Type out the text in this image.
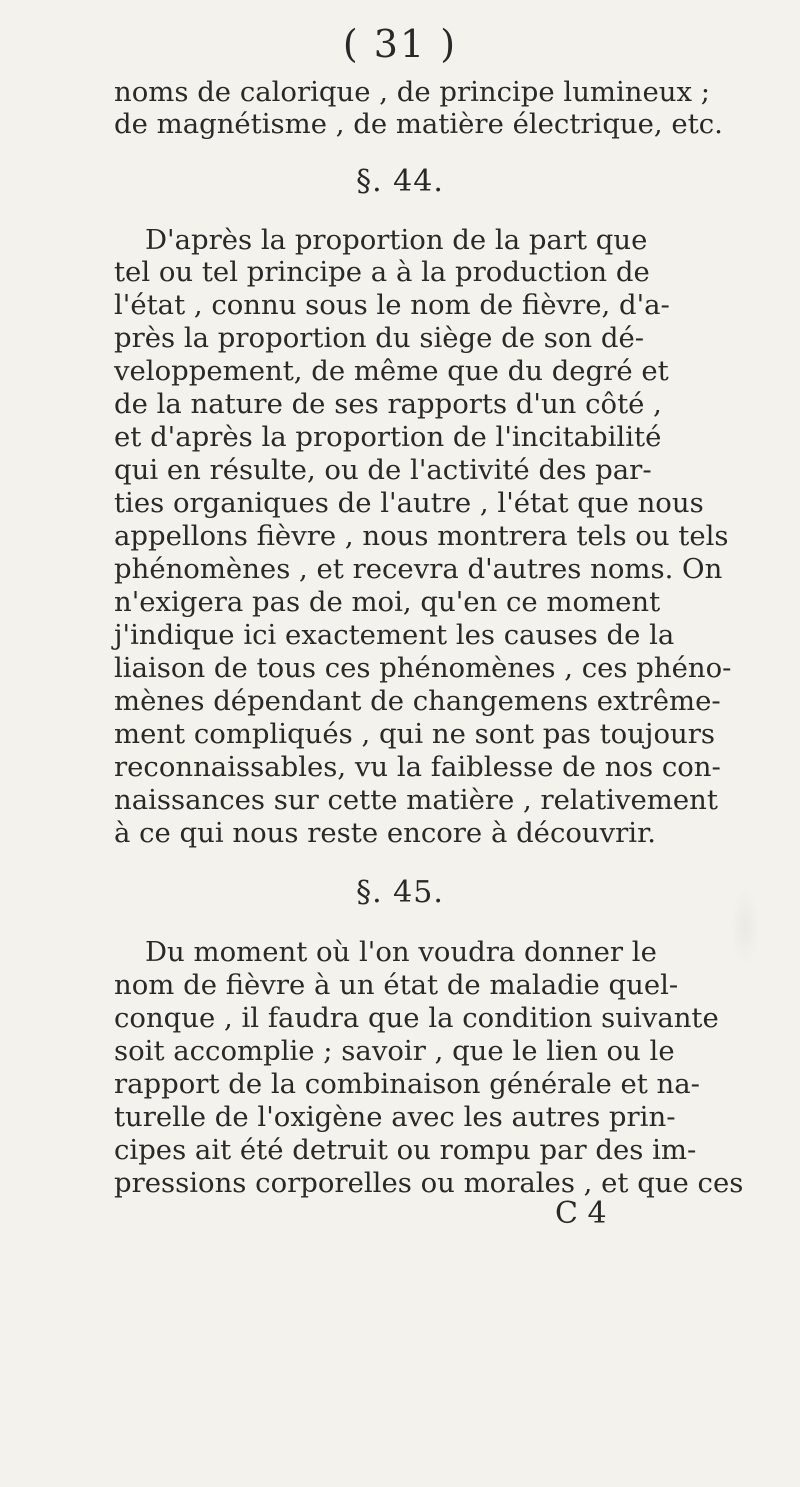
( 31 )
noms de calorique , de principe lumineux ;
de magnétisme , de matière électrique, etc.
§. 44.
D'après la proportion de la part que
tel ou tel principe a à la production de
l'état , connu sous le nom de fièvre, d'a-
près la proportion du siège de son dé-
veloppement, de même que du degré et
de la nature de ses rapports d'un côté ,
et d'après la proportion de l'incitabilité
qui en résulte, ou de l'activité des par-
ties organiques de l'autre , l'état que nous
appellons fièvre , nous montrera tels ou tels
phénomènes , et recevra d'autres noms. On
n'exigera pas de moi, qu'en ce moment
j'indique ici exactement les causes de la
liaison de tous ces phénomènes , ces phéno-
mènes dépendant de changemens extrême-
ment compliqués , qui ne sont pas toujours
reconnaissables, vu la faiblesse de nos con-
naissances sur cette matière , relativement
à ce qui nous reste encore à découvrir.
§. 45.
Du moment où l'on voudra donner le
nom de fièvre à un état de maladie quel-
conque , il faudra que la condition suivante
soit accomplie ; savoir , que le lien ou le
rapport de la combinaison générale et na-
turelle de l'oxigène avec les autres prin-
cipes ait été detruit ou rompu par des im-
pressions corporelles ou morales , et que ces
C 4
